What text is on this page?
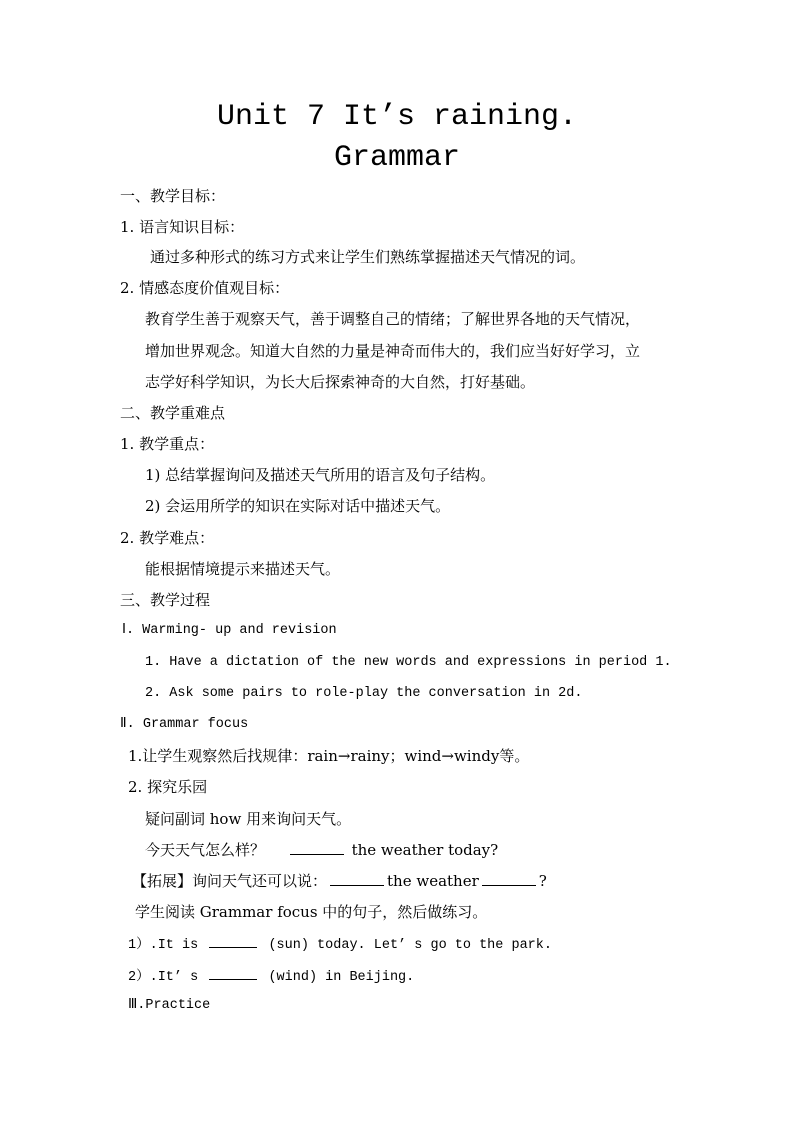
Unit 7 It’s raining.
Grammar
一、教学目标：
1. 语言知识目标：
通过多种形式的练习方式来让学生们熟练掌握描述天气情况的词。
2. 情感态度价值观目标：
教育学生善于观察天气，善于调整自己的情绪；了解世界各地的天气情况，
增加世界观念。知道大自然的力量是神奇而伟大的，我们应当好好学习，立
志学好科学知识，为长大后探索神奇的大自然，打好基础。
二、教学重难点
1. 教学重点：
1) 总结掌握询问及描述天气所用的语言及句子结构。
2) 会运用所学的知识在实际对话中描述天气。
2. 教学难点：
能根据情境提示来描述天气。
三、教学过程
Ⅰ. Warming- up and revision
1. Have a dictation of the new words and expressions in period 1.
2. Ask some pairs to role-play the conversation in 2d.
Ⅱ. Grammar focus
1.让学生观察然后找规律：rain→rainy；wind→windy等。
2. 探究乐园
疑问副词 how 用来询问天气。
今天天气怎么样？	the weather today?
【拓展】询问天气还可以说：	the weather	?
学生阅读 Grammar focus 中的句子，然后做练习。
1）.It is	(sun) today. Let’ s go to the park.
2）.It’ s	(wind) in Beijing.
Ⅲ.Practice
